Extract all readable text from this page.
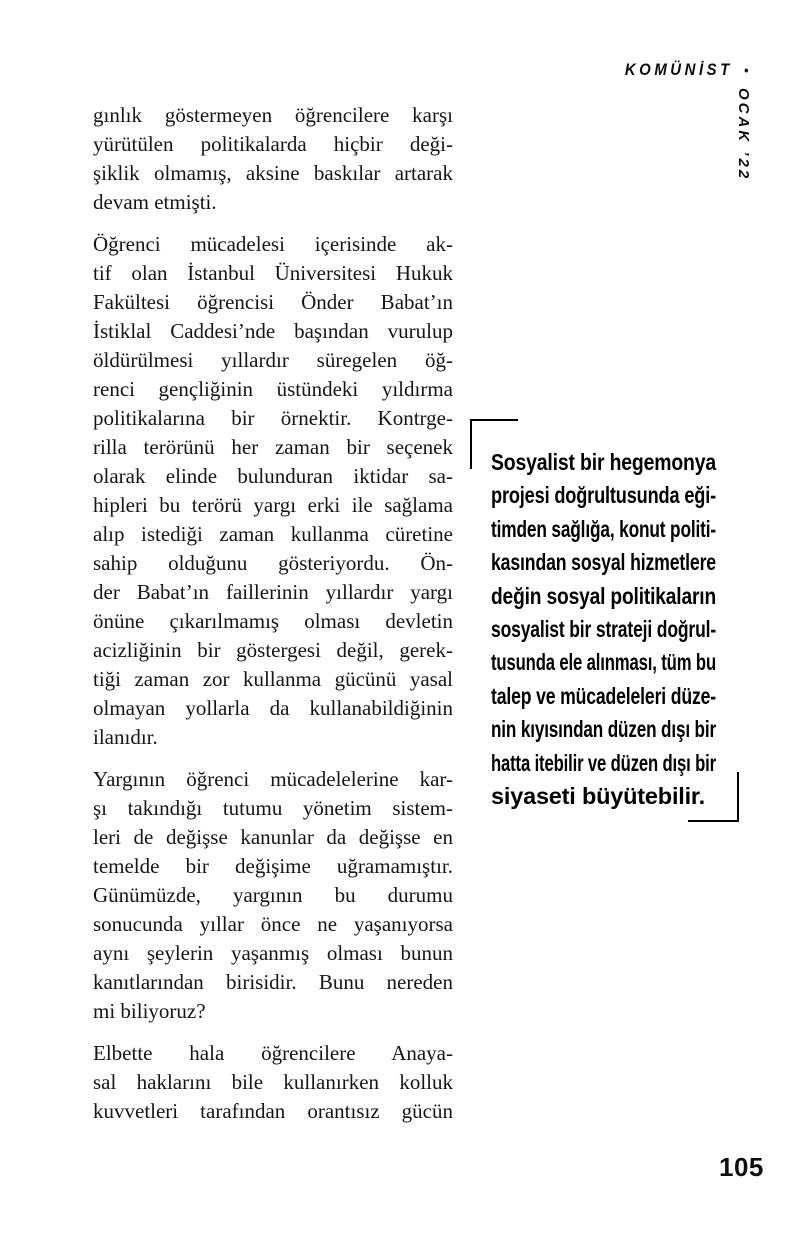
KOMÜNİST •
OCAK ’22
gınlık göstermeyen öğrencilere karşı
yürütülen politikalarda hiçbir deği-
şiklik olmamış, aksine baskılar artarak
devam etmişti.
Öğrenci mücadelesi içerisinde ak-
tif olan İstanbul Üniversitesi Hukuk
Fakültesi öğrencisi Önder Babat’ın
İstiklal Caddesi’nde başından vurulup
öldürülmesi yıllardır süregelen öğ-
renci gençliğinin üstündeki yıldırma
politikalarına bir örnektir. Kontrge-
rilla terörünü her zaman bir seçenek
olarak elinde bulunduran iktidar sa-
hipleri bu terörü yargı erki ile sağlama
alıp istediği zaman kullanma cüretine
sahip olduğunu gösteriyordu. Ön-
der Babat’ın faillerinin yıllardır yargı
önüne çıkarılmamış olması devletin
acizliğinin bir göstergesi değil, gerek-
tiği zaman zor kullanma gücünü yasal
olmayan yollarla da kullanabildiğinin
ilanıdır.
Yargının öğrenci mücadelelerine kar-
şı takındığı tutumu yönetim sistem-
leri de değişse kanunlar da değişse en
temelde bir değişime uğramamıştır.
Günümüzde, yargının bu durumu
sonucunda yıllar önce ne yaşanıyorsa
aynı şeylerin yaşanmış olması bunun
kanıtlarından birisidir. Bunu nereden
mi biliyoruz?
Elbette hala öğrencilere Anaya-
sal haklarını bile kullanırken kolluk
kuvvetleri tarafından orantısız gücün
Sosyalist bir hegemonya
projesi doğrultusunda eği-
timden sağlığa, konut politi-
kasından sosyal hizmetlere
değin sosyal politikaların
sosyalist bir strateji doğrul-
tusunda ele alınması, tüm bu
talep ve mücadeleleri düze-
nin kıyısından düzen dışı bir
hatta itebilir ve düzen dışı bir
siyaseti büyütebilir.
105
